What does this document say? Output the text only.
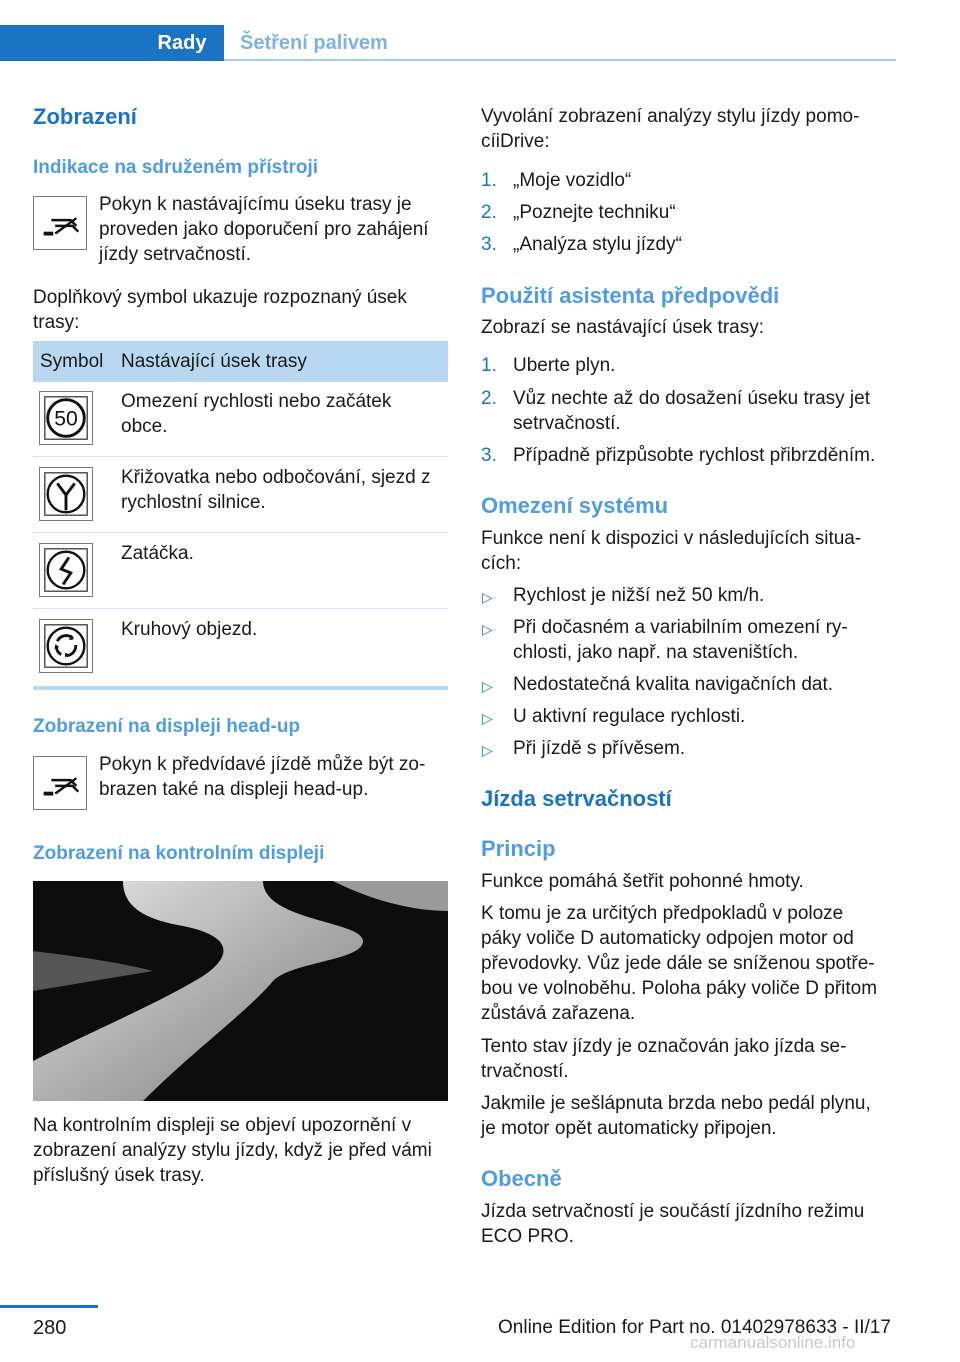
Rady	Šetření palivem
Zobrazení
Indikace na sdruženém přístroji
Pokyn k nastávajícímu úseku trasy je
proveden jako doporučení pro zahájení
jízdy setrvačností.
Doplňkový symbol ukazuje rozpoznaný úsek
trasy:
Symbol Nastávající úsek trasy
50
Omezení rychlosti nebo začátek
obce.
Křižovatka nebo odbočování, sjezd z
rychlostní silnice.
Zatáčka.
Kruhový objezd.
Zobrazení na displeji head-up
Pokyn k předvídavé jízdě může být zo-
brazen také na displeji head-up.
Zobrazení na kontrolním displeji
Na kontrolním displeji se objeví upozornění v
zobrazení analýzy stylu jízdy, když je před vámi
příslušný úsek trasy.
Vyvolání zobrazení analýzy stylu jízdy pomo-
cíiDrive:
1. „Moje vozidlo“
2. „Poznejte techniku“
3. „Analýza stylu jízdy“
Použití asistenta předpovědi
Zobrazí se nastávající úsek trasy:
1. Uberte plyn.
2. Vůz nechte až do dosažení úseku trasy jet
setrvačností.
3. Případně přizpůsobte rychlost přibrzděním.
Omezení systému
Funkce není k dispozici v následujících situa-
cích:
▷ Rychlost je nižší než 50 km/h.
▷ Při dočasném a variabilním omezení ry-
chlosti, jako např. na staveništích.
▷ Nedostatečná kvalita navigačních dat.
▷ U aktivní regulace rychlosti.
▷ Při jízdě s přívěsem.
Jízda setrvačností
Princip
Funkce pomáhá šetřit pohonné hmoty.
K tomu je za určitých předpokladů v poloze
páky voliče D automaticky odpojen motor od
převodovky. Vůz jede dále se sníženou spotře-
bou ve volnoběhu. Poloha páky voliče D přitom
zůstává zařazena.
Tento stav jízdy je označován jako jízda se-
trvačností.
Jakmile je sešlápnuta brzda nebo pedál plynu,
je motor opět automaticky připojen.
Obecně
Jízda setrvačností je součástí jízdního režimu
ECO PRO.
280	Online Edition for Part no. 01402978633 - II/17
carmanualsonline.info
